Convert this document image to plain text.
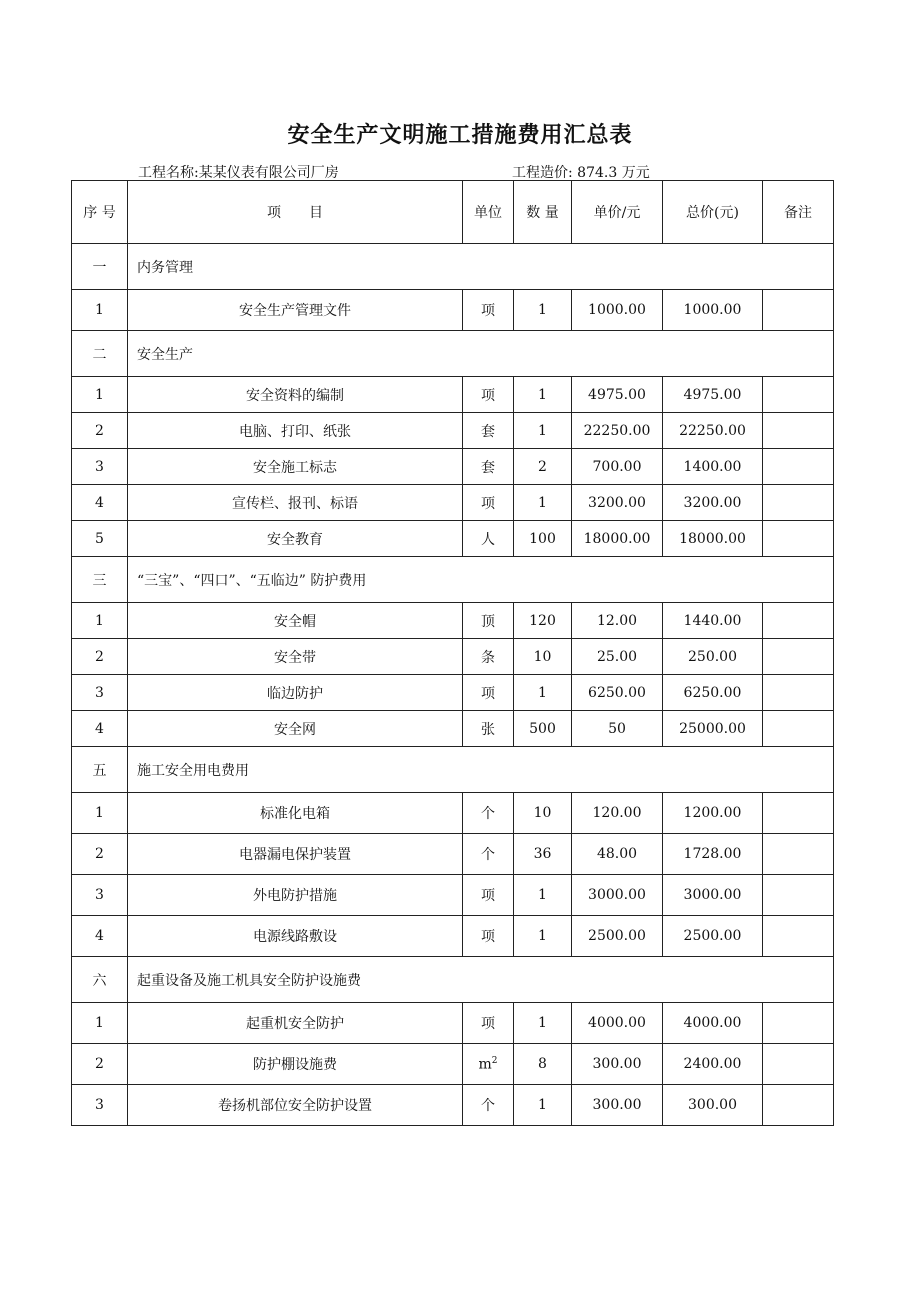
安全生产文明施工措施费用汇总表
工程名称:某某仪表有限公司厂房	工程造价: 874.3 万元
序 号	项　　目	单位	数 量	单价/元	总价(元)	备注
一	内务管理					
1	安全生产管理文件	项	1	1000.00	1000.00	
二	安全生产					
1	安全资料的编制	项	1	4975.00	4975.00	
2	电脑、打印、纸张	套	1	22250.00	22250.00	
3	安全施工标志	套	2	700.00	1400.00	
4	宣传栏、报刊、标语	项	1	3200.00	3200.00	
5	安全教育	人	100	18000.00	18000.00	
三	“三宝”、“四口”、“五临边” 防护费用					
1	安全帽	顶	120	12.00	1440.00	
2	安全带	条	10	25.00	250.00	
3	临边防护	项	1	6250.00	6250.00	
4	安全网	张	500	50	25000.00	
五	施工安全用电费用					
1	标准化电箱	个	10	120.00	1200.00	
2	电器漏电保护装置	个	36	48.00	1728.00	
3	外电防护措施	项	1	3000.00	3000.00	
4	电源线路敷设	项	1	2500.00	2500.00	
六	起重设备及施工机具安全防护设施费					
1	起重机安全防护	项	1	4000.00	4000.00	
2	防护棚设施费	$m^2$	8	300.00	2400.00	
3	卷扬机部位安全防护设置	个	1	300.00	300.00	
